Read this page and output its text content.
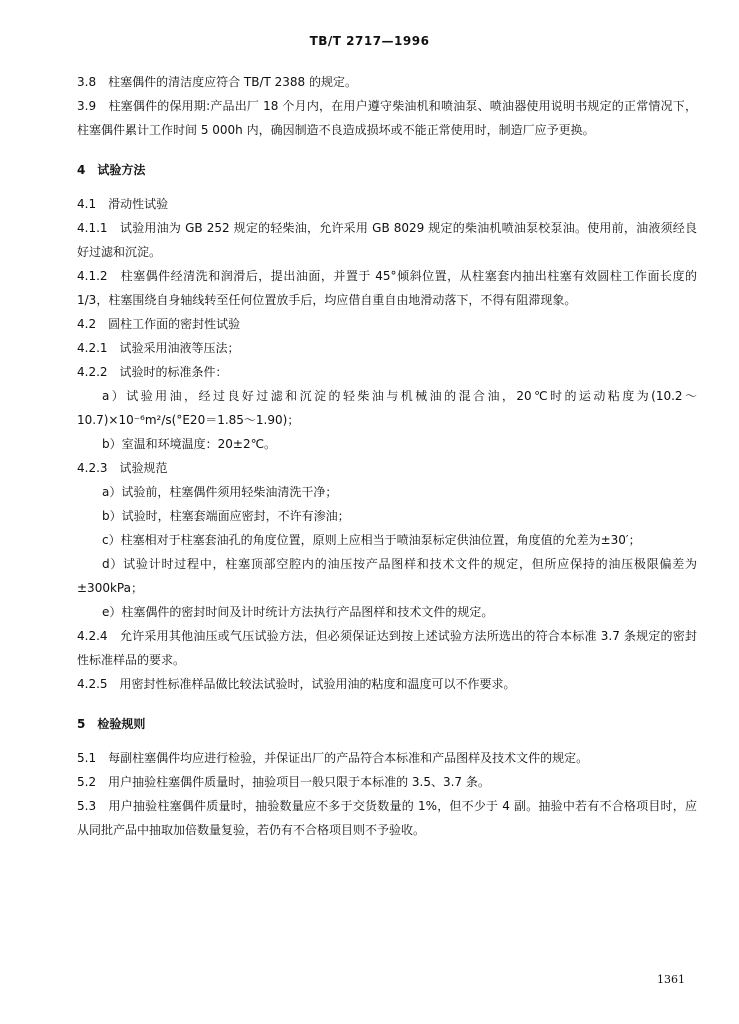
TB/T 2717—1996

3.8　柱塞偶件的清洁度应符合 TB/T 2388 的规定。

3.9　柱塞偶件的保用期:产品出厂 18 个月内，在用户遵守柴油机和喷油泵、喷油器使用说明书规定的正常情况下，柱塞偶件累计工作时间 5 000h 内，确因制造不良造成损坏或不能正常使用时，制造厂应予更换。

4　试验方法

4.1　滑动性试验

4.1.1　试验用油为 GB 252 规定的轻柴油，允许采用 GB 8029 规定的柴油机喷油泵校泵油。使用前，油液须经良好过滤和沉淀。

4.1.2　柱塞偶件经清洗和润滑后，提出油面，并置于 45°倾斜位置，从柱塞套内抽出柱塞有效圆柱工作面长度的 1/3，柱塞围绕自身轴线转至任何位置放手后，均应借自重自由地滑动落下，不得有阻滞现象。

4.2　圆柱工作面的密封性试验

4.2.1　试验采用油液等压法；

4.2.2　试验时的标准条件：

a）试验用油，经过良好过滤和沉淀的轻柴油与机械油的混合油，20℃时的运动粘度为(10.2～10.7)×10⁻⁶m²/s(°E20＝1.85～1.90)；

b）室温和环境温度：20±2℃。

4.2.3　试验规范

a）试验前，柱塞偶件须用轻柴油清洗干净；

b）试验时，柱塞套端面应密封，不许有渗油；

c）柱塞相对于柱塞套油孔的角度位置，原则上应相当于喷油泵标定供油位置，角度值的允差为±30′；

d）试验计时过程中，柱塞顶部空腔内的油压按产品图样和技术文件的规定，但所应保持的油压极限偏差为±300kPa；

e）柱塞偶件的密封时间及计时统计方法执行产品图样和技术文件的规定。

4.2.4　允许采用其他油压或气压试验方法，但必须保证达到按上述试验方法所选出的符合本标准 3.7 条规定的密封性标准样品的要求。

4.2.5　用密封性标准样品做比较法试验时，试验用油的粘度和温度可以不作要求。

5　检验规则

5.1　每副柱塞偶件均应进行检验，并保证出厂的产品符合本标准和产品图样及技术文件的规定。

5.2　用户抽验柱塞偶件质量时，抽验项目一般只限于本标准的 3.5、3.7 条。

5.3　用户抽验柱塞偶件质量时，抽验数量应不多于交货数量的 1%，但不少于 4 副。抽验中若有不合格项目时，应从同批产品中抽取加倍数量复验，若仍有不合格项目则不予验收。

1361
